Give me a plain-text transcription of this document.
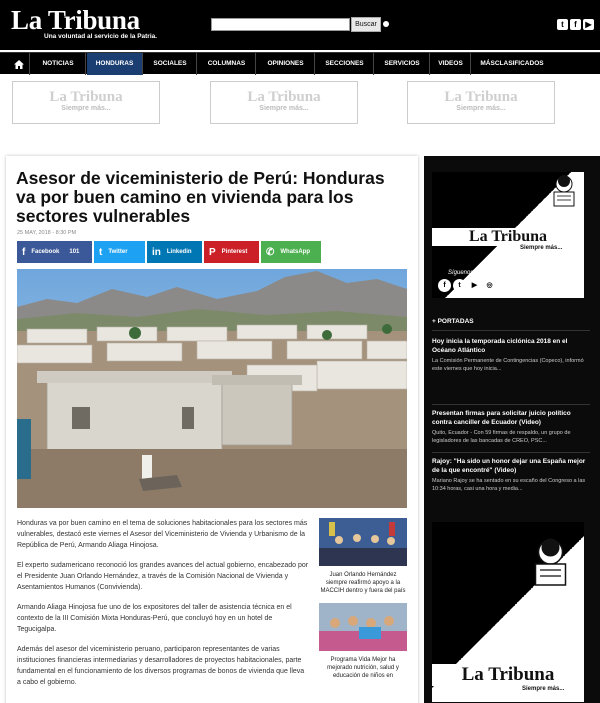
La Tribuna
Una voluntad al servicio de la Patria.
Buscar	t	f	▶
NOTICIAS	HONDURAS	SOCIALES	COLUMNAS	OPINIONES	SECCIONES	SERVICIOS	VIDEOS	MÁSCLASIFICADOS
La Tribuna
Siempre más...
La Tribuna
Siempre más...
La Tribuna
Siempre más...
Asesor de viceministerio de Perú: Honduras va por buen camino en vivienda para los sectores vulnerables
25 MAY, 2018 - 8:30 PM
f Facebook 101 t Twitter in Linkedin P Pinterest ✆ WhatsApp

Honduras va por buen camino en el tema de soluciones habitacionales para los sectores más vulnerables, destacó este viernes el Asesor del Viceministerio de Vivienda y Urbanismo de la República de Perú, Armando Aliaga Hinojosa.

El experto sudamericano reconoció los grandes avances del actual gobierno, encabezado por el Presidente Juan Orlando Hernández, a través de la Comisión Nacional de Vivienda y Asentamientos Humanos (Convivienda).

Armando Aliaga Hinojosa fue uno de los expositores del taller de asistencia técnica en el contexto de la III Comisión Mixta Honduras-Perú, que concluyó hoy en un hotel de Tegucigalpa.

Además del asesor del viceministerio peruano, participaron representantes de varias instituciones financieras intermediarias y desarrolladores de proyectos habitacionales, parte fundamental en el funcionamiento de los diversos programas de bonos de vivienda que lleva a cabo el gobierno.

Juan Orlando Hernández siempre reafirmó apoyo a la MACCIH dentro y fuera del país
Programa Vida Mejor ha mejorado nutrición, salud y educación de niños en
La Tribuna
Siempre más...
Síguenos en:
f	t	▶	◎
+ PORTADAS
Hoy inicia la temporada ciclónica 2018 en el Océano Atlántico
La Comisión Permanente de Contingencias (Copeco), informó este viernes que hoy inicia...
Presentan firmas para solicitar juicio político contra canciller de Ecuador (Video)
Quito, Ecuador - Con 59 firmas de respaldo, un grupo de legisladores de las bancadas de CREO, PSC...
Rajoy: "Ha sido un honor dejar una España mejor de la que encontré" (Video)
Mariano Rajoy se ha sentado en su escaño del Congreso a las 10:34 horas, casi una hora y media...
La Tribuna
Siempre más...
